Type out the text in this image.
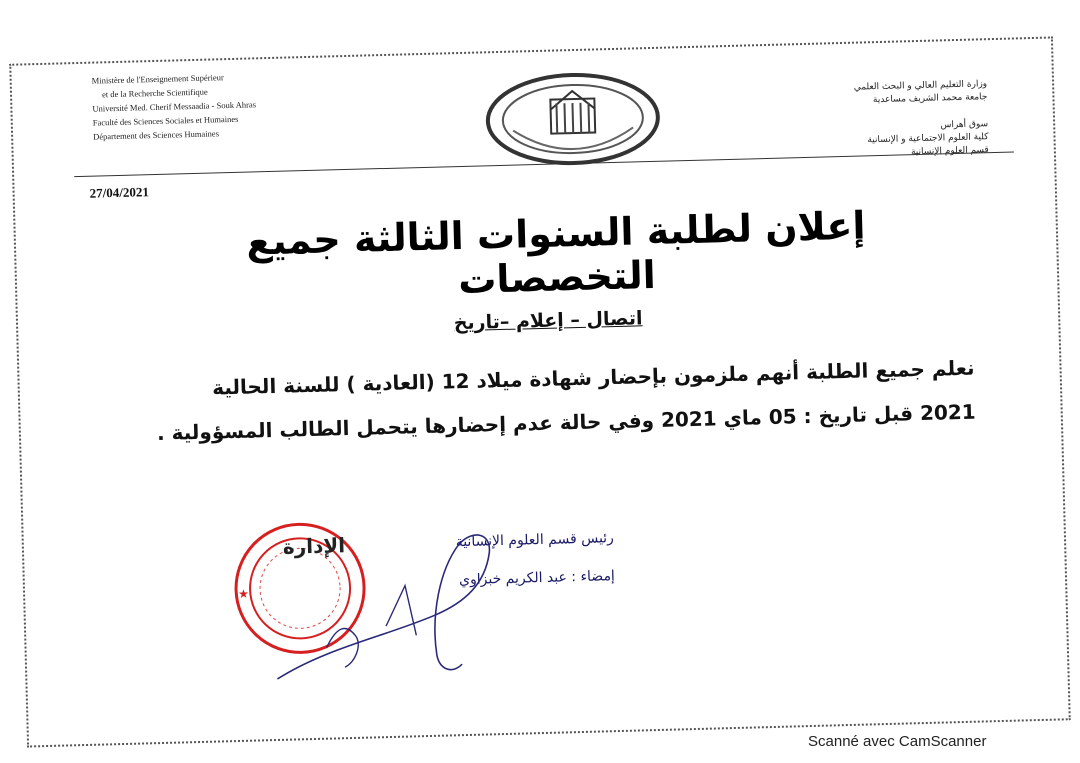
Ministère de l'Enseignement Supérieur
et de la Recherche Scientifique
Université Med. Cherif Messaadia - Souk Ahras
Faculté des Sciences Sociales et Humaines
Département des Sciences Humaines
وزارة التعليم العالي و البحث العلمي
جامعة محمد الشريف مساعدية
سوق أهراس
كلية العلوم الاجتماعية و الإنسانية
قسم العلوم الإنسانية
27/04/2021
إعلان لطلبة السنوات الثالثة جميع التخصصات
اتصال – إعلام –تاريخ
نعلم جميع الطلبة أنهم ملزمون بإحضار شهادة ميلاد 12 (العادية ) للسنة الحالية
2021 قبل تاريخ : 05 ماي 2021 وفي حالة عدم إحضارها يتحمل الطالب المسؤولية .
★
الإدارة	رئيس قسم العلوم الإنسانية
إمضاء : عبد الكريم خبزاوي
Scanné avec CamScanner
